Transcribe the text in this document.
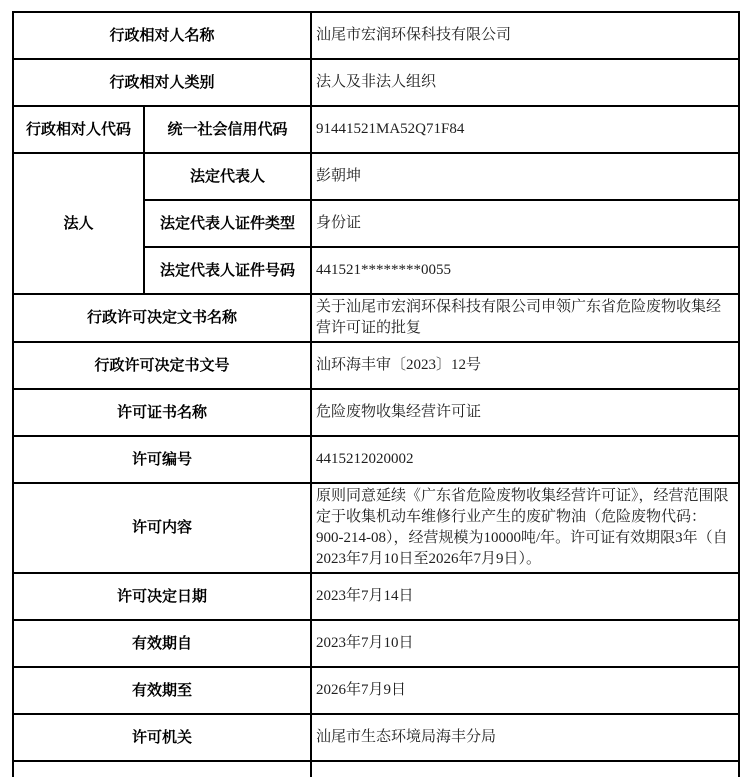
行政相对人名称		汕尾市宏润环保科技有限公司
行政相对人类别		法人及非法人组织
行政相对人代码	统一社会信用代码	91441521MA52Q71F84
法人	法定代表人	彭朝坤
	法定代表人证件类型	身份证
	法定代表人证件号码	441521********0055
行政许可决定文书名称		关于汕尾市宏润环保科技有限公司申领广东省危险废物收集经营许可证的批复
行政许可决定书文号		汕环海丰审〔2023〕12号
许可证书名称		危险废物收集经营许可证
许可编号		4415212020002
许可内容		原则同意延续《广东省危险废物收集经营许可证》，经营范围限定于收集机动车维修行业产生的废矿物油（危险废物代码：900-214-08），经营规模为10000吨/年。许可证有效期限3年（自2023年7月10日至2026年7月9日）。
许可决定日期		2023年7月14日
有效期自		2023年7月10日
有效期至		2026年7月9日
许可机关		汕尾市生态环境局海丰分局
